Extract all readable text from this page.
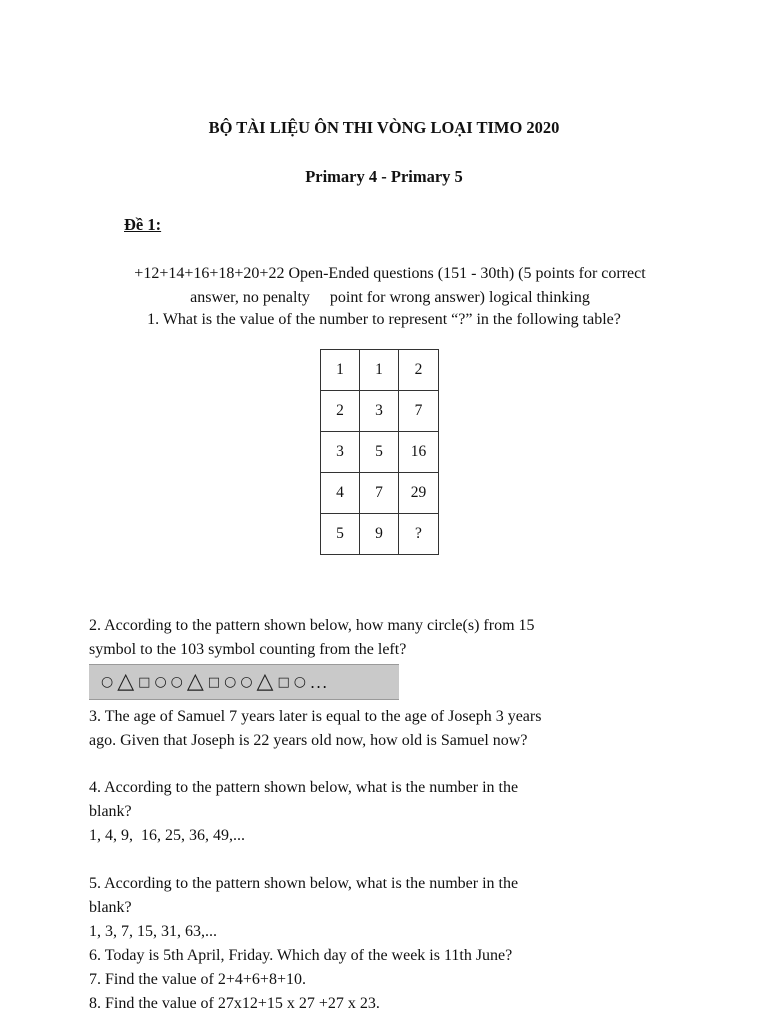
BỘ TÀI LIỆU ÔN THI VÒNG LOẠI TIMO 2020
Primary 4 - Primary 5
Đề 1:
+12+14+16+18+20+22 Open-Ended questions (151 - 30th) (5 points for correct
answer, no penalty     point for wrong answer) logical thinking
1. What is the value of the number to represent “?” in the following table?
1	1	2
2	3	7
3	5	16
4	7	29
5	9	?
2. According to the pattern shown below, how many circle(s) from 15
symbol to the 103 symbol counting from the left?
○ △ □ ○ ○ △ □ ○ ○ △ □ ○ ...
3. The age of Samuel 7 years later is equal to the age of Joseph 3 years
ago. Given that Joseph is 22 years old now, how old is Samuel now?
4. According to the pattern shown below, what is the number in the
blank?
1, 4, 9,  16, 25, 36, 49,...
5. According to the pattern shown below, what is the number in the
blank?
1, 3, 7, 15, 31, 63,...
6. Today is 5th April, Friday. Which day of the week is 11th June?
7. Find the value of 2+4+6+8+10.
8. Find the value of 27x12+15 x 27 +27 x 23.
